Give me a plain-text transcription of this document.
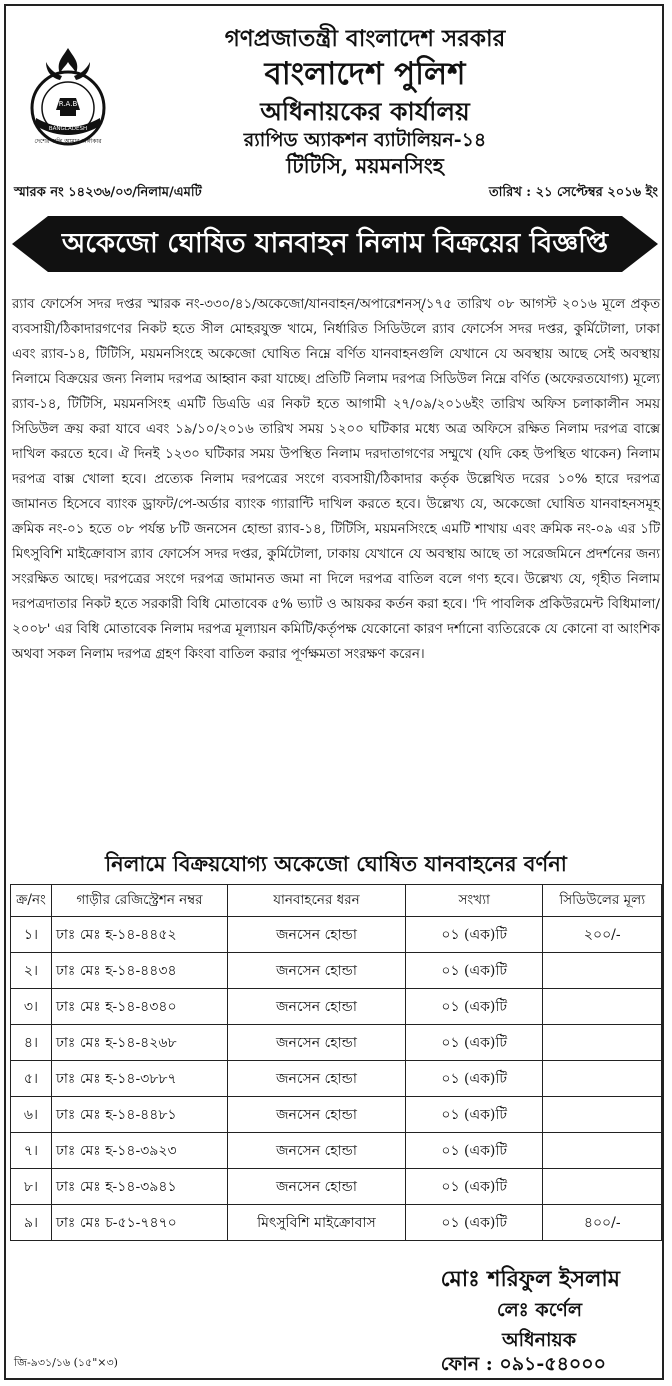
R.A.B
BANGLADESH
দেশের শান্তি আমার অঙ্গীকার
গণপ্রজাতন্ত্রী বাংলাদেশ সরকার
বাংলাদেশ পুলিশ
অধিনায়কের কার্যালয়
র‌্যাপিড অ্যাকশন ব্যাটালিয়ন-১৪
টিটিসি, ময়মনসিংহ
স্মারক নং ১৪২৩৬/০৩/নিলাম/এমটি	তারিখ : ২১ সেপ্টেম্বর ২০১৬ ইং
অকেজো ঘোষিত যানবাহন নিলাম বিক্রয়ের বিজ্ঞপ্তি

র‌্যাব ফোর্সেস সদর দপ্তর স্মারক নং-৩৩০/৪১/অকেজো/যানবাহন/অপারেশনস্/১৭৫ তারিখ ০৮ আগস্ট ২০১৬ মূলে প্রকৃত ব্যবসায়ী/ঠিকাদারগণের নিকট হতে সীল মোহরযুক্ত খামে, নির্ধারিত সিডিউলে র‌্যাব ফোর্সেস সদর দপ্তর, কুর্মিটোলা, ঢাকা এবং র‌্যাব-১৪, টিটিসি, ময়মনসিংহে অকেজো ঘোষিত নিম্নে বর্ণিত যানবাহনগুলি যেখানে যে অবস্থায় আছে সেই অবস্থায় নিলামে বিক্রয়ের জন্য নিলাম দরপত্র আহ্বান করা যাচ্ছে। প্রতিটি নিলাম দরপত্র সিডিউল নিম্নে বর্ণিত (অফেরতযোগ্য) মূল্যে র‌্যাব-১৪, টিটিসি, ময়মনসিংহ এমটি ডিএডি এর নিকট হতে আগামী ২৭/০৯/২০১৬ইং তারিখ অফিস চলাকালীন সময় সিডিউল ক্রয় করা যাবে এবং ১৯/১০/২০১৬ তারিখ সময় ১২০০ ঘটিকার মধ্যে অত্র অফিসে রক্ষিত নিলাম দরপত্র বাক্সে দাখিল করতে হবে। ঐ দিনই ১২৩০ ঘটিকার সময় উপস্থিত নিলাম দরদাতাগণের সম্মুখে (যদি কেহ উপস্থিত থাকেন) নিলাম দরপত্র বাক্স খোলা হবে। প্রত্যেক নিলাম দরপত্রের সংগে ব্যবসায়ী/ঠিকাদার কর্তৃক উল্লেখিত দরের ১০% হারে দরপত্র জামানত হিসেবে ব্যাংক ড্রাফট/পে-অর্ডার ব্যাংক গ্যারান্টি দাখিল করতে হবে। উল্লেখ্য যে, অকেজো ঘোষিত যানবাহনসমূহ ক্রমিক নং-০১ হতে ০৮ পর্যন্ত ৮টি জনসেন হোন্ডা র‌্যাব-১৪, টিটিসি, ময়মনসিংহে এমটি শাখায় এবং ক্রমিক নং-০৯ এর ১টি মিৎসুবিশি মাইক্রোবাস র‌্যাব ফোর্সেস সদর দপ্তর, কুর্মিটোলা, ঢাকায় যেখানে যে অবস্থায় আছে তা সরেজমিনে প্রদর্শনের জন্য সংরক্ষিত আছে। দরপত্রের সংগে দরপত্র জামানত জমা না দিলে দরপত্র বাতিল বলে গণ্য হবে। উল্লেখ্য যে, গৃহীত নিলাম দরপত্রদাতার নিকট হতে সরকারী বিধি মোতাবেক ৫% ভ্যাট ও আয়কর কর্তন করা হবে। 'দি পাবলিক প্রকিউরমেন্ট বিধিমালা/২০০৮' এর বিধি মোতাবেক নিলাম দরপত্র মূল্যায়ন কমিটি/কর্তৃপক্ষ যেকোনো কারণ দর্শানো ব্যতিরেকে যে কোনো বা আংশিক অথবা সকল নিলাম দরপত্র গ্রহণ কিংবা বাতিল করার পূর্ণক্ষমতা সংরক্ষণ করেন।

নিলামে বিক্রয়যোগ্য অকেজো ঘোষিত যানবাহনের বর্ণনা
ক্র/নং	গাড়ীর রেজিস্ট্রেশন নম্বর	যানবাহনের ধরন	সংখ্যা	সিডিউলের মূল্য
১।	ঢাঃ মেঃ হ-১৪-৪৪৫২	জনসেন হোন্ডা	০১ (এক)টি	২০০/-
২।	ঢাঃ মেঃ হ-১৪-৪৪৩৪	জনসেন হোন্ডা	০১ (এক)টি	
৩।	ঢাঃ মেঃ হ-১৪-৪৩৪০	জনসেন হোন্ডা	০১ (এক)টি	
৪।	ঢাঃ মেঃ হ-১৪-৪২৬৮	জনসেন হোন্ডা	০১ (এক)টি	
৫।	ঢাঃ মেঃ হ-১৪-৩৮৮৭	জনসেন হোন্ডা	০১ (এক)টি	
৬।	ঢাঃ মেঃ হ-১৪-৪৪৮১	জনসেন হোন্ডা	০১ (এক)টি	
৭।	ঢাঃ মেঃ হ-১৪-৩৯২৩	জনসেন হোন্ডা	০১ (এক)টি	
৮।	ঢাঃ মেঃ হ-১৪-৩৯৪১	জনসেন হোন্ডা	০১ (এক)টি	
৯।	ঢাঃ মেঃ চ-৫১-৭৪৭০	মিৎসুবিশি মাইক্রোবাস	০১ (এক)টি	৪০০/-
মোঃ শরিফুল ইসলাম
লেঃ কর্ণেল
অধিনায়ক
ফোন : ০৯১-৫৪০০০
জি-৯৩১/১৬ (১৫"×৩)
